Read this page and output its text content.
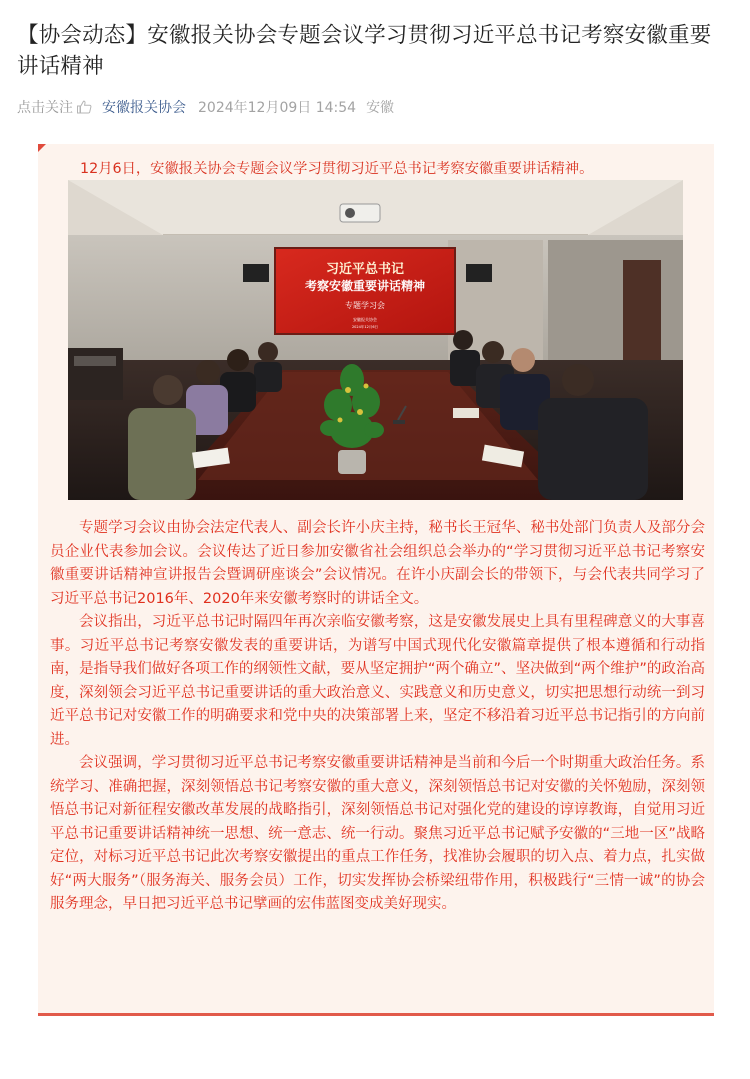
【协会动态】安徽报关协会专题会议学习贯彻习近平总书记考察安徽重要讲话精神
点击关注 安徽报关协会 2024年12月09日 14:54 安徽
12月6日，安徽报关协会专题会议学习贯彻习近平总书记考察安徽重要讲话精神。
习近平总书记
考察安徽重要讲话精神
专题学习会
安徽报关协会
2024年12月6日

专题学习会议由协会法定代表人、副会长许小庆主持，秘书长王冠华、秘书处部门负责人及部分会员企业代表参加会议。会议传达了近日参加安徽省社会组织总会举办的“学习贯彻习近平总书记考察安徽重要讲话精神宣讲报告会暨调研座谈会”会议情况。在许小庆副会长的带领下，与会代表共同学习了习近平总书记2016年、2020年来安徽考察时的讲话全文。

会议指出，习近平总书记时隔四年再次亲临安徽考察，这是安徽发展史上具有里程碑意义的大事喜事。习近平总书记考察安徽发表的重要讲话，为谱写中国式现代化安徽篇章提供了根本遵循和行动指南，是指导我们做好各项工作的纲领性文献，要从坚定拥护“两个确立”、坚决做到“两个维护”的政治高度，深刻领会习近平总书记重要讲话的重大政治意义、实践意义和历史意义，切实把思想行动统一到习近平总书记对安徽工作的明确要求和党中央的决策部署上来，坚定不移沿着习近平总书记指引的方向前进。

会议强调，学习贯彻习近平总书记考察安徽重要讲话精神是当前和今后一个时期重大政治任务。系统学习、准确把握，深刻领悟总书记考察安徽的重大意义，深刻领悟总书记对安徽的关怀勉励，深刻领悟总书记对新征程安徽改革发展的战略指引，深刻领悟总书记对强化党的建设的谆谆教诲，自觉用习近平总书记重要讲话精神统一思想、统一意志、统一行动。聚焦习近平总书记赋予安徽的“三地一区”战略定位，对标习近平总书记此次考察安徽提出的重点工作任务，找准协会履职的切入点、着力点，扎实做好“两大服务”（服务海关、服务会员）工作，切实发挥协会桥梁纽带作用，积极践行“三情一诚”的协会服务理念，早日把习近平总书记擘画的宏伟蓝图变成美好现实。
